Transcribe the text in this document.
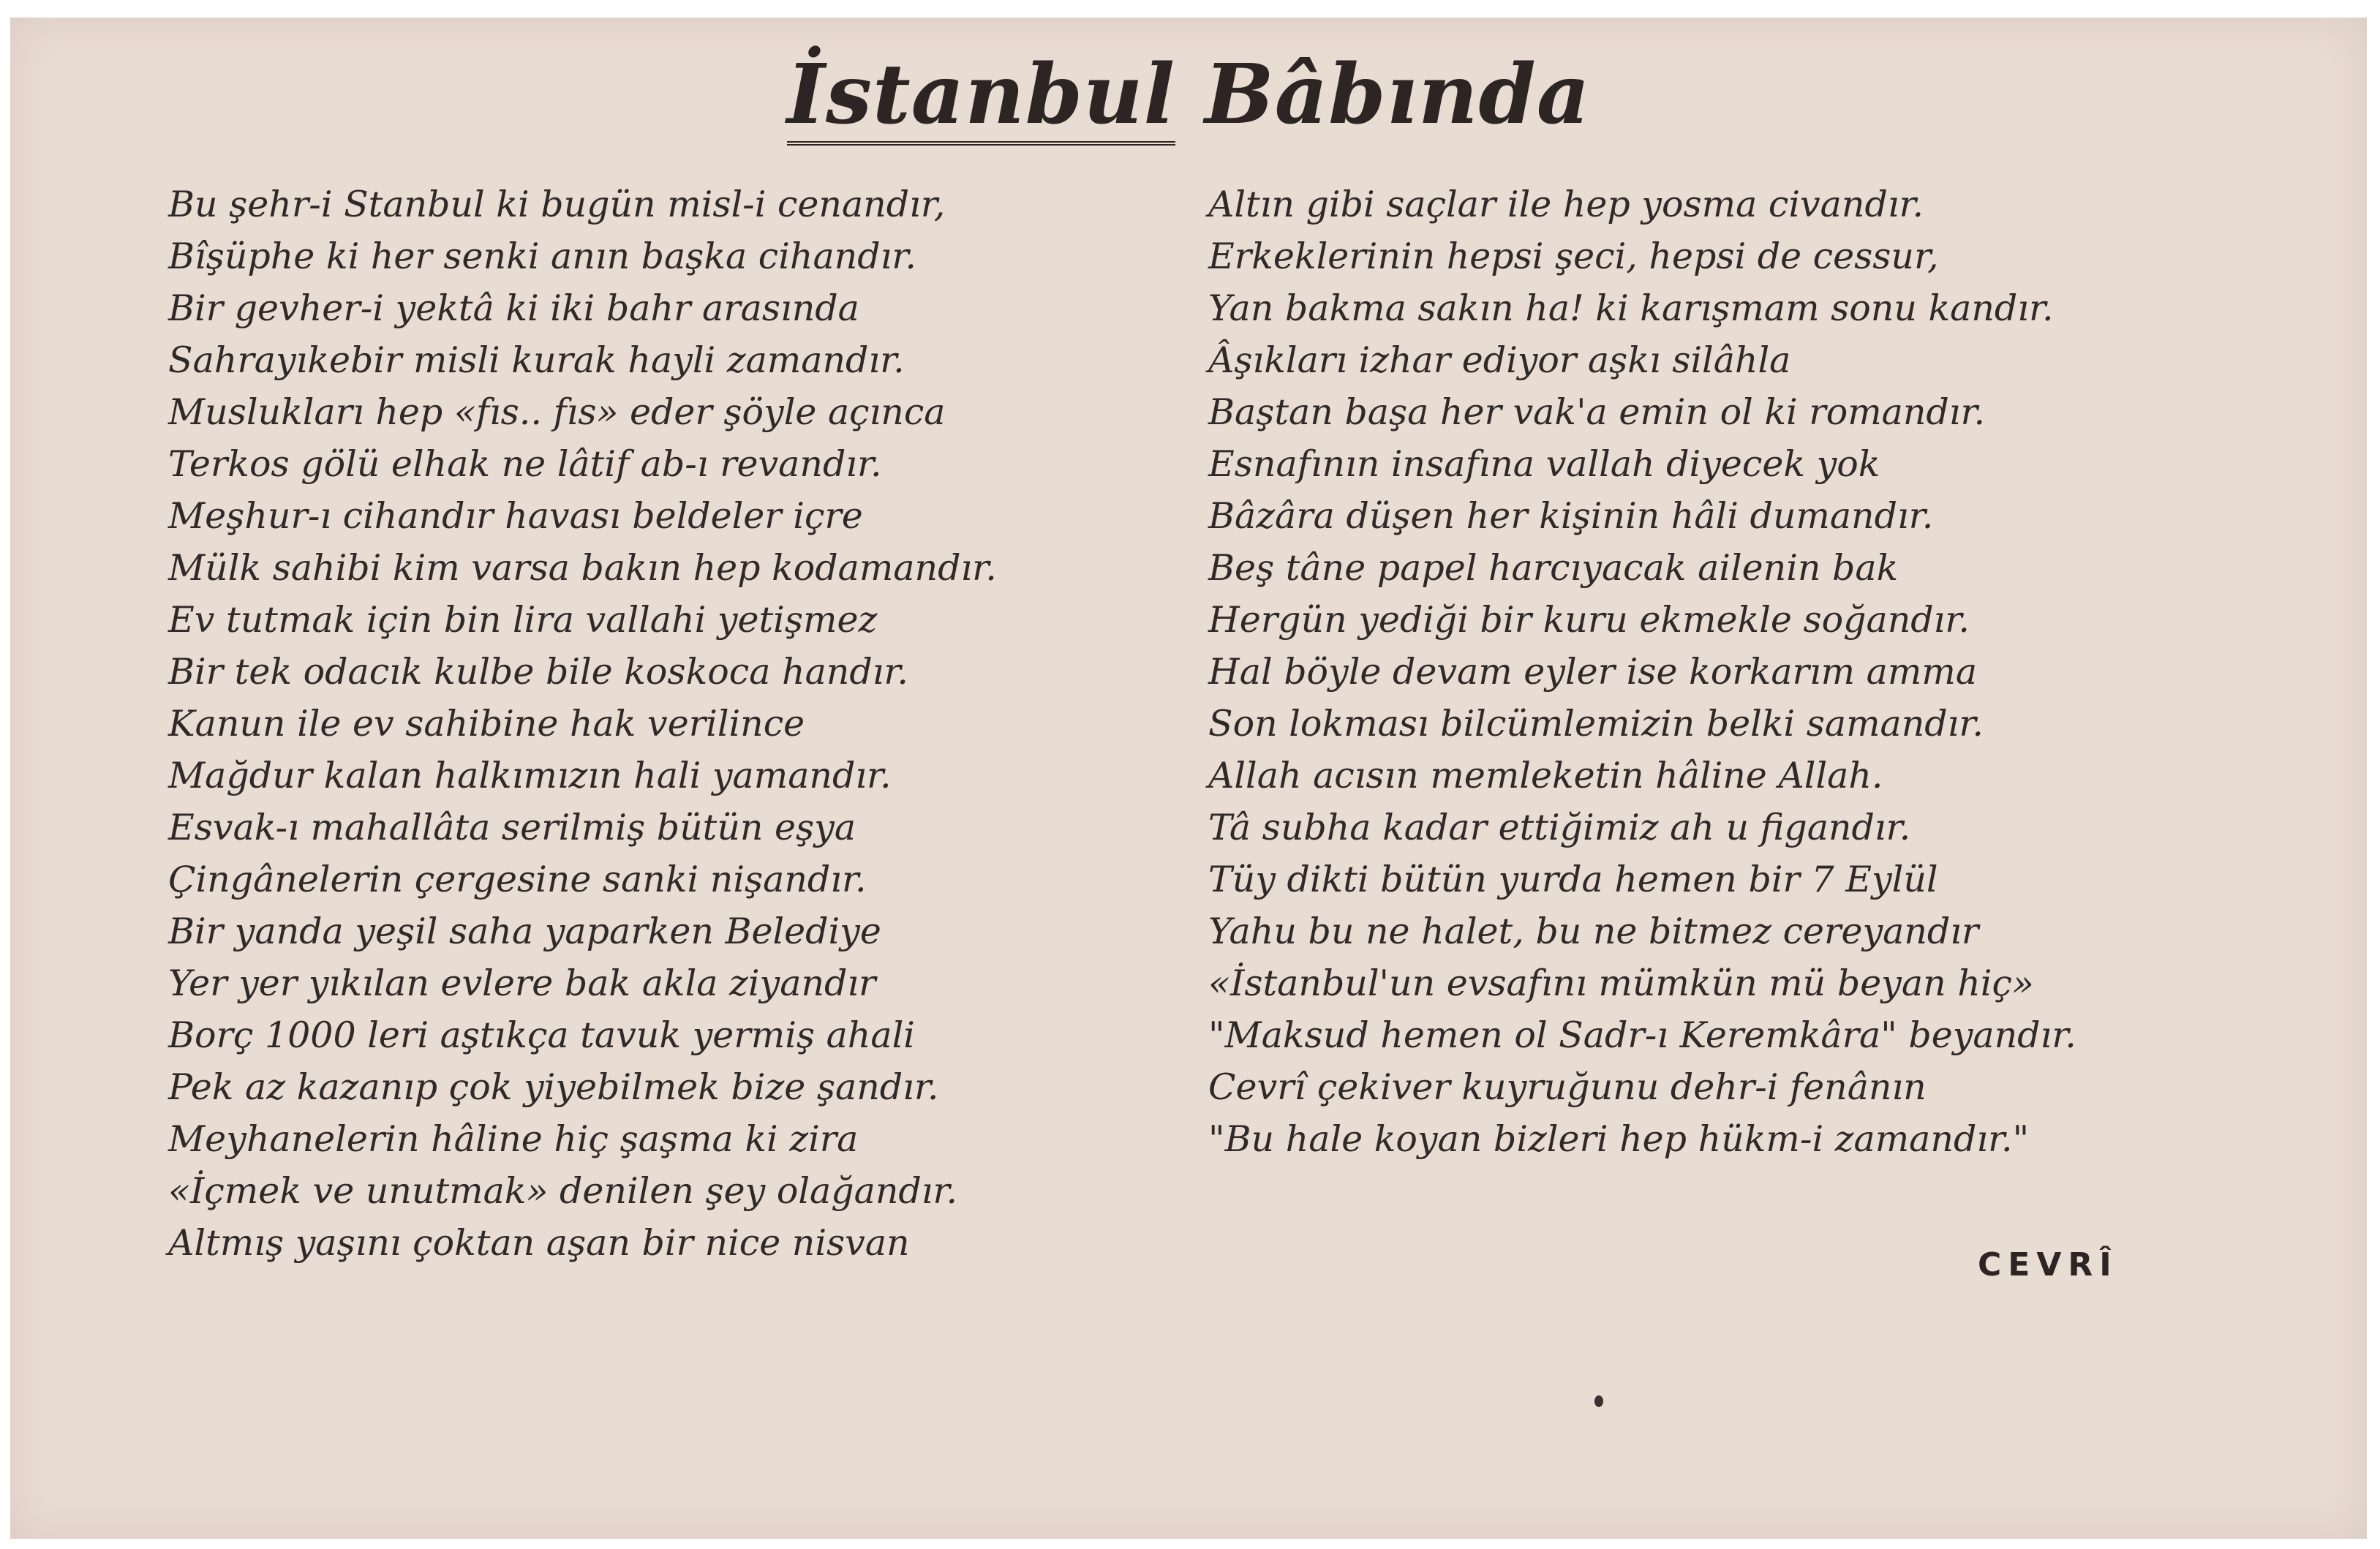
İstanbul Bâbında
Bu şehr-i Stanbul ki bugün misl-i cenandır,
Bîşüphe ki her senki anın başka cihandır.
Bir gevher-i yektâ ki iki bahr arasında
Sahrayıkebir misli kurak hayli zamandır.
Muslukları hep «fıs.. fıs» eder şöyle açınca
Terkos gölü elhak ne lâtif ab-ı revandır.
Meşhur-ı cihandır havası beldeler içre
Mülk sahibi kim varsa bakın hep kodamandır.
Ev tutmak için bin lira vallahi yetişmez
Bir tek odacık kulbe bile koskoca handır.
Kanun ile ev sahibine hak verilince
Mağdur kalan halkımızın hali yamandır.
Esvak-ı mahallâta serilmiş bütün eşya
Çingânelerin çergesine sanki nişandır.
Bir yanda yeşil saha yaparken Belediye
Yer yer yıkılan evlere bak akla ziyandır
Borç 1000 leri aştıkça tavuk yermiş ahali
Pek az kazanıp çok yiyebilmek bize şandır.
Meyhanelerin hâline hiç şaşma ki zira
«İçmek ve unutmak» denilen şey olağandır.
Altmış yaşını çoktan aşan bir nice nisvan
Altın gibi saçlar ile hep yosma civandır.
Erkeklerinin hepsi şeci, hepsi de cessur,
Yan bakma sakın ha! ki karışmam sonu kandır.
Âşıkları izhar ediyor aşkı silâhla
Baştan başa her vak'a emin ol ki romandır.
Esnafının insafına vallah diyecek yok
Bâzâra düşen her kişinin hâli dumandır.
Beş tâne papel harcıyacak ailenin bak
Hergün yediği bir kuru ekmekle soğandır.
Hal böyle devam eyler ise korkarım amma
Son lokması bilcümlemizin belki samandır.
Allah acısın memleketin hâline Allah.
Tâ subha kadar ettiğimiz ah u figandır.
Tüy dikti bütün yurda hemen bir 7 Eylül
Yahu bu ne halet, bu ne bitmez cereyandır
«İstanbul'un evsafını mümkün mü beyan hiç»
"Maksud hemen ol Sadr-ı Keremkâra" beyandır.
Cevrî çekiver kuyruğunu dehr-i fenânın
"Bu hale koyan bizleri hep hükm-i zamandır."
CEVRÎ
